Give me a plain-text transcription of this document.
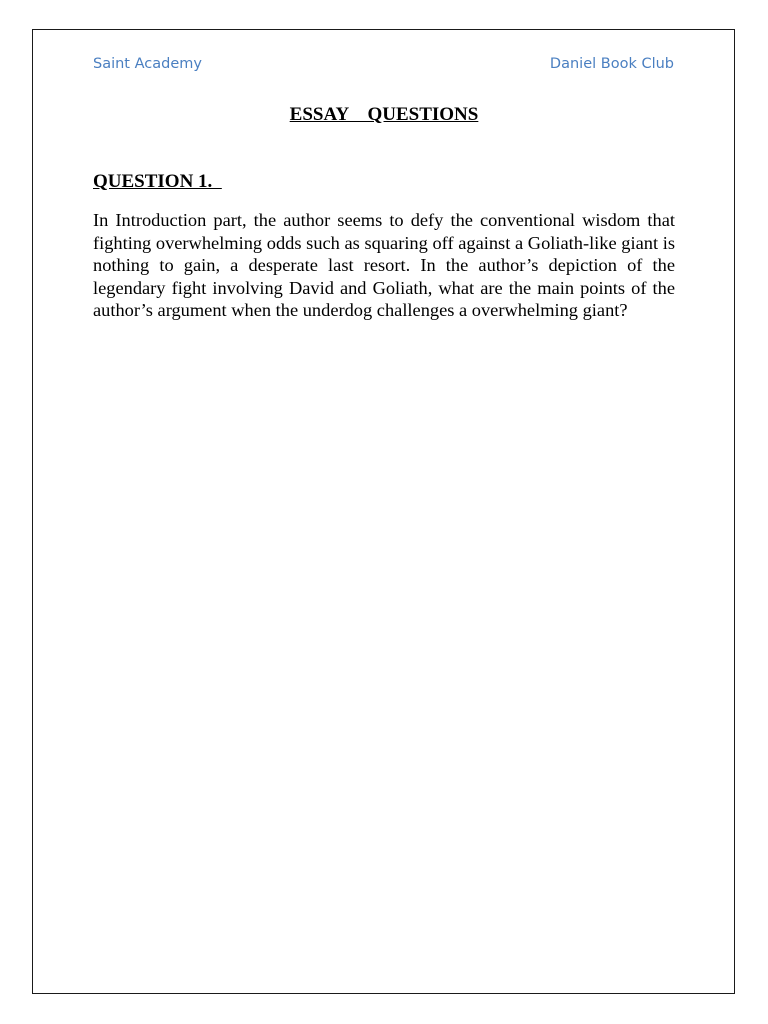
Saint Academy	Daniel Book Club
ESSAY    QUESTIONS
QUESTION 1.

In Introduction part, the author seems to defy the conventional wisdom that fighting overwhelming odds such as squaring off against a Goliath-like giant is nothing to gain, a desperate last resort. In the author’s depiction of the legendary fight involving David and Goliath, what are the main points of the author’s argument when the underdog challenges a overwhelming giant?
